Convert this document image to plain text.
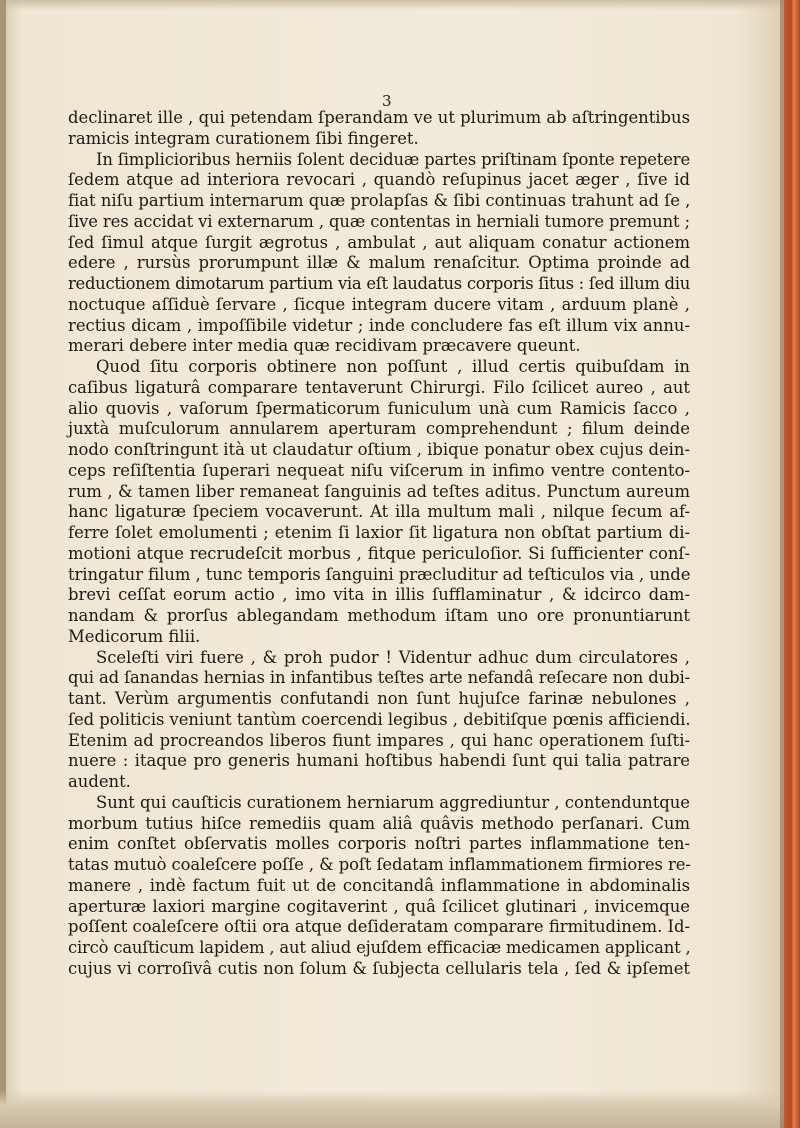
3
declinaret ille , qui petendam ſperandam ve ut plurimum ab aſtringentibus
ramicis integram curationem ſibi fingeret.
In ſimplicioribus herniis ſolent deciduæ partes priſtinam ſponte repetere
ſedem atque ad interiora revocari , quandò reſupinus jacet æger , ſive id
fiat niſu partium internarum quæ prolapſas & ſibi continuas trahunt ad ſe ,
ſive res accidat vi externarum , quæ contentas in herniali tumore premunt ;
ſed ſimul atque ſurgit ægrotus , ambulat , aut aliquam conatur actionem
edere , rursùs prorumpunt illæ & malum renaſcitur. Optima proinde ad
reductionem dimotarum partium via eſt laudatus corporis ſitus : ſed illum diu
noctuque aſſiduè ſervare , ſicque integram ducere vitam , arduum planè ,
rectius dicam , impoſſibile videtur ; inde concludere fas eſt illum vix annu-
merari debere inter media quæ recidivam præcavere queunt.
Quod ſitu corporis obtinere non poſſunt , illud certis quibuſdam in
caſibus ligaturâ comparare tentaverunt Chirurgi. Filo ſcilicet aureo , aut
alio quovis , vaſorum ſpermaticorum funiculum unà cum Ramicis ſacco ,
juxtà muſculorum annularem aperturam comprehendunt ; filum deinde
nodo conſtringunt ità ut claudatur oſtium , ibique ponatur obex cujus dein-
ceps reſiſtentia ſuperari nequeat niſu viſcerum in infimo ventre contento-
rum , & tamen liber remaneat ſanguinis ad teſtes aditus. Punctum aureum
hanc ligaturæ ſpeciem vocaverunt. At illa multum mali , nilque ſecum af-
ferre ſolet emolumenti ; etenim ſi laxior ſit ligatura non obſtat partium di-
motioni atque recrudeſcit morbus , fitque periculoſior. Si ſufficienter conſ-
tringatur filum , tunc temporis ſanguini præcluditur ad teſticulos via , unde
brevi ceſſat eorum actio , imo vita in illis ſufflaminatur , & idcirco dam-
nandam & prorſus ablegandam methodum iſtam uno ore pronuntiarunt
Medicorum filii.
Sceleſti viri fuere , & proh pudor ! Videntur adhuc dum circulatores ,
qui ad ſanandas hernias in infantibus teſtes arte nefandâ reſecare non dubi-
tant. Verùm argumentis confutandi non ſunt hujuſce farinæ nebulones ,
ſed politicis veniunt tantùm coercendi legibus , debitiſque pœnis afficiendi.
Etenim ad procreandos liberos fiunt impares , qui hanc operationem ſuſti-
nuere : itaque pro generis humani hoſtibus habendi ſunt qui talia patrare
audent.
Sunt qui cauſticis curationem herniarum aggrediuntur , contenduntque
morbum tutius hiſce remediis quam aliâ quâvis methodo perſanari. Cum
enim conſtet obſervatis molles corporis noſtri partes inflammatione ten-
tatas mutuò coaleſcere poſſe , & poſt ſedatam inflammationem firmiores re-
manere , indè factum fuit ut de concitandâ inflammatione in abdominalis
aperturæ laxiori margine cogitaverint , quâ ſcilicet glutinari , invicemque
poſſent coaleſcere oſtii ora atque deſideratam comparare firmitudinem. Id-
circò cauſticum lapidem , aut aliud ejuſdem efficaciæ medicamen applicant ,
cujus vi corroſivâ cutis non ſolum & ſubjecta cellularis tela , ſed & ipſemet
